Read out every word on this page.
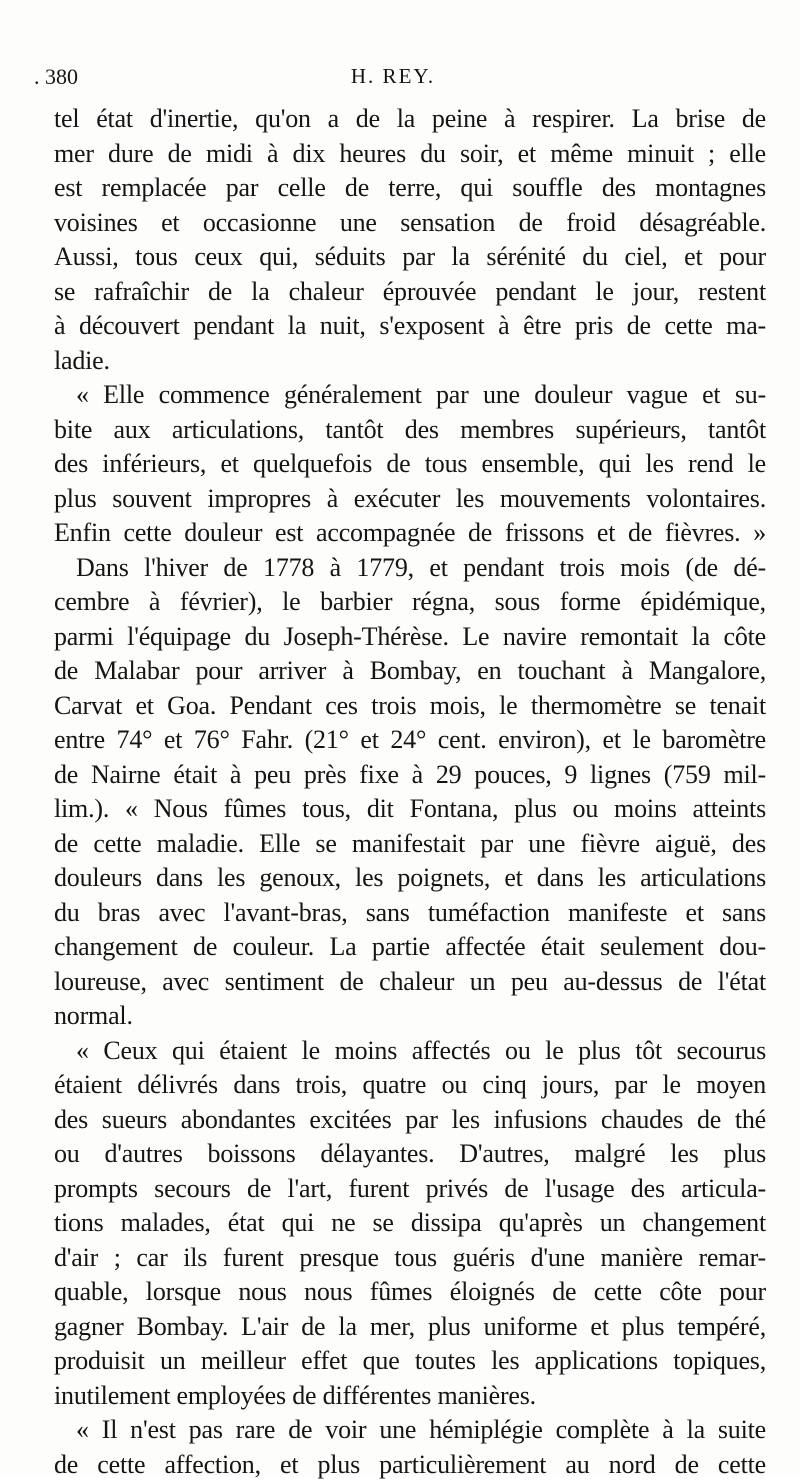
. 380	H. REY.
tel état d'inertie, qu'on a de la peine à respirer. La brise de
mer dure de midi à dix heures du soir, et même minuit ; elle
est remplacée par celle de terre, qui souffle des montagnes
voisines et occasionne une sensation de froid désagréable.
Aussi, tous ceux qui, séduits par la sérénité du ciel, et pour
se rafraîchir de la chaleur éprouvée pendant le jour, restent
à découvert pendant la nuit, s'exposent à être pris de cette ma-
ladie.
« Elle commence généralement par une douleur vague et su-
bite aux articulations, tantôt des membres supérieurs, tantôt
des inférieurs, et quelquefois de tous ensemble, qui les rend le
plus souvent impropres à exécuter les mouvements volontaires.
Enfin cette douleur est accompagnée de frissons et de fièvres. »
Dans l'hiver de 1778 à 1779, et pendant trois mois (de dé-
cembre à février), le barbier régna, sous forme épidémique,
parmi l'équipage du Joseph-Thérèse. Le navire remontait la côte
de Malabar pour arriver à Bombay, en touchant à Mangalore,
Carvat et Goa. Pendant ces trois mois, le thermomètre se tenait
entre 74° et 76° Fahr. (21° et 24° cent. environ), et le baromètre
de Nairne était à peu près fixe à 29 pouces, 9 lignes (759 mil-
lim.). « Nous fûmes tous, dit Fontana, plus ou moins atteints
de cette maladie. Elle se manifestait par une fièvre aiguë, des
douleurs dans les genoux, les poignets, et dans les articulations
du bras avec l'avant-bras, sans tuméfaction manifeste et sans
changement de couleur. La partie affectée était seulement dou-
loureuse, avec sentiment de chaleur un peu au-dessus de l'état
normal.
« Ceux qui étaient le moins affectés ou le plus tôt secourus
étaient délivrés dans trois, quatre ou cinq jours, par le moyen
des sueurs abondantes excitées par les infusions chaudes de thé
ou d'autres boissons délayantes. D'autres, malgré les plus
prompts secours de l'art, furent privés de l'usage des articula-
tions malades, état qui ne se dissipa qu'après un changement
d'air ; car ils furent presque tous guéris d'une manière remar-
quable, lorsque nous nous fûmes éloignés de cette côte pour
gagner Bombay. L'air de la mer, plus uniforme et plus tempéré,
produisit un meilleur effet que toutes les applications topiques,
inutilement employées de différentes manières.
« Il n'est pas rare de voir une hémiplégie complète à la suite
de cette affection, et plus particulièrement au nord de cette
